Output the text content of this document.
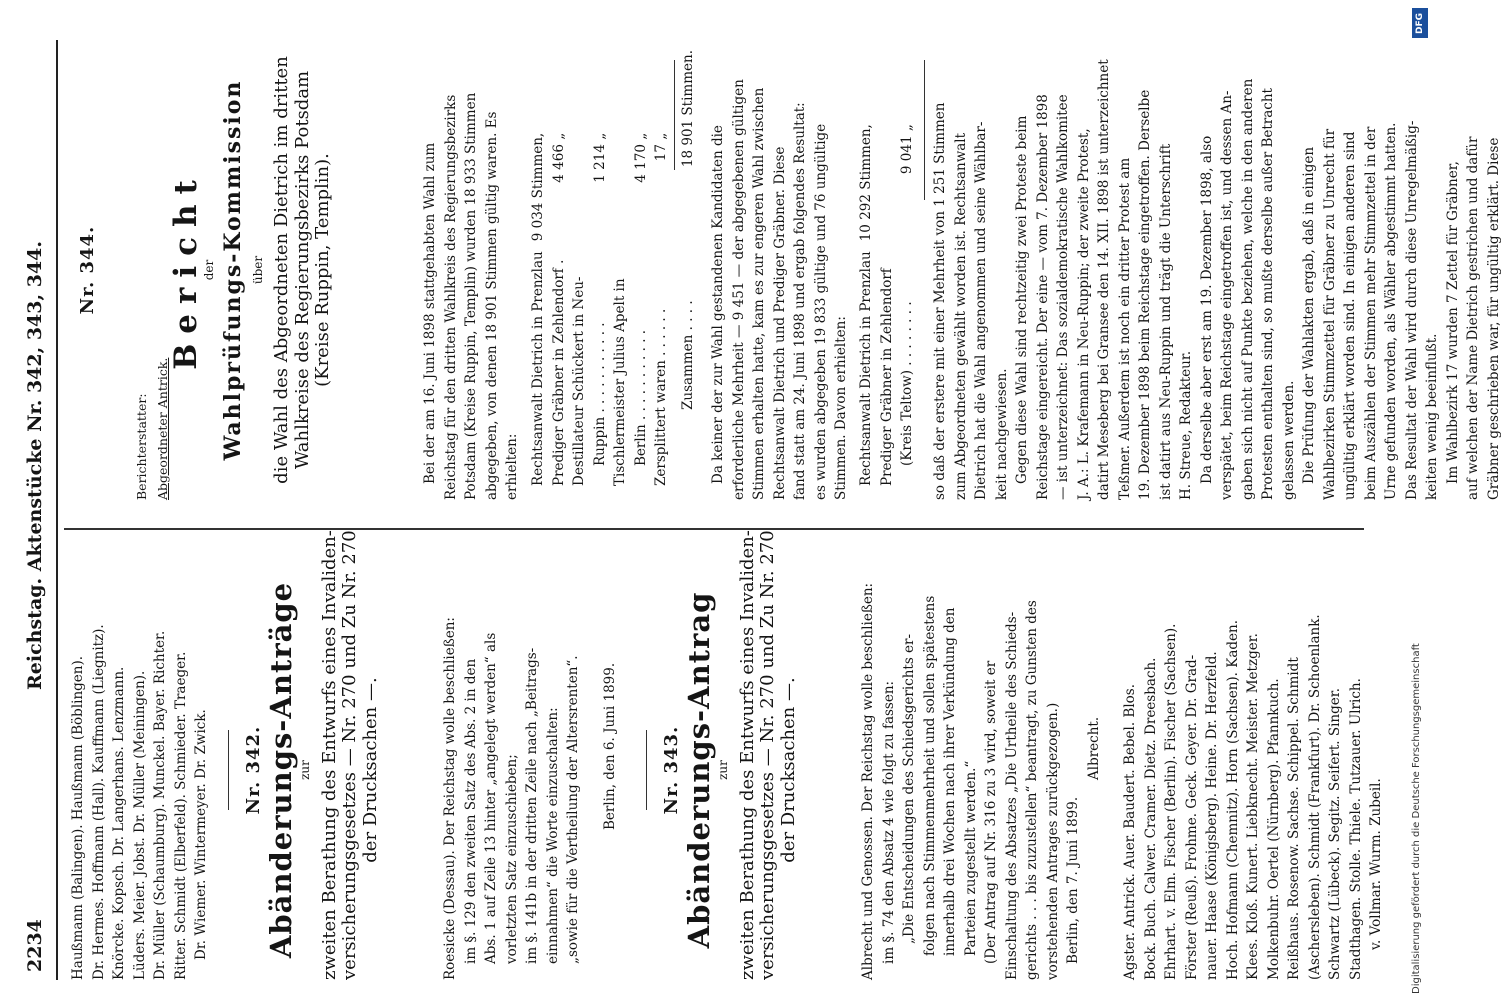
2234
Reichstag. Aktenstücke Nr. 342, 343, 344.

Haußmann (Balingen). Haußmann (Böblingen). Dr. Hermes. Hoffmann (Hall). Kauffmann (Liegnitz). Knörcke. Kopsch. Dr. Langerhans. Lenzmann. Lüders. Meier. Jobst. Dr. Müller (Meiningen). Dr. Müller (Schaumburg). Munckel. Bayer. Richter. Ritter. Schmidt (Elberfeld). Schmieder. Traeger. Dr. Wiemer. Wintermeyer. Dr. Zwick. Nr. 342. Abänderungs-Anträge zur zweiten Berathung des Entwurfs eines Invaliden- versicherungsgesetzes — Nr. 270 und Zu Nr. 270 der Drucksachen —.	Roesicke (Dessau). Der Reichstag wolle beschließen: im §. 129 den zweiten Satz des Abs. 2 in den Abs. 1 auf Zeile 13 hinter „angelegt werden“ als vorletzten Satz einzuschieben; im §. 141b in der dritten Zeile nach „Beitrags- einnahmen“ die Worte einzuschalten: „sowie für die Vertheilung der Altersrenten“. Berlin, den 6. Juni 1899. Nr. 343. Abänderungs-Antrag zur zweiten Berathung des Entwurfs eines Invaliden- versicherungsgesetzes — Nr. 270 und Zu Nr. 270 der Drucksachen —.	Albrecht und Genossen. Der Reichstag wolle beschließen: im §. 74 den Absatz 4 wie folgt zu fassen: „Die Entscheidungen des Schiedsgerichts er- folgen nach Stimmenmehrheit und sollen spätestens innerhalb drei Wochen nach ihrer Verkündung den Parteien zugestellt werden.“ (Der Antrag auf Nr. 316 zu 3 wird, soweit er Einschaltung des Absatzes „Die Urtheile des Schieds- gerichts . . . bis zuzustellen“ beantragt, zu Gunsten des vorstehenden Antrages zurückgezogen.) Berlin, den 7. Juni 1899.

Albrecht. Agster. Antrick. Auer. Baudert. Bebel. Blos. Bock. Buch. Calwer. Cramer. Dietz. Dreesbach. Ehrhart. v. Elm. Fischer (Berlin). Fischer (Sachsen). Förster (Reuß). Frohme. Geck. Geyer. Dr. Grad- nauer. Haase (Königsberg). Heine. Dr. Herzfeld. Hoch. Hofmann (Chemnitz). Horn (Sachsen). Kaden. Klees. Kloß. Kunert. Liebknecht. Meister. Metzger. Molkenbuhr. Oertel (Nürnberg). Pfannkuch. Reißhaus. Rosenow. Sachse. Schippel. Schmidt (Aschersleben). Schmidt (Frankfurt). Dr. Schoenlank. Schwartz (Lübeck). Segitz. Seifert. Singer. Stadthagen. Stolle. Thiele. Tutzauer. Ulrich. v. Vollmar. Wurm. Zubeil.

Nr. 344.

Berichterstatter: Abgeordneter Antrick.

Bericht

der Wahlprüfungs-Kommission über die Wahl des Abgeordneten Dietrich im dritten Wahlkreise des Regierungsbezirks Potsdam (Kreise Ruppin, Templin).	Bei der am 16. Juni 1898 stattgehabten Wahl zum Reichstag für den dritten Wahlkreis des Regierungsbezirks Potsdam (Kreise Ruppin, Templin) wurden 18 933 Stimmen abgegeben, von denen 18 901 Stimmen gültig waren. Es erhielten: Rechtsanwalt Dietrich in Prenzlau	9 034 Stimmen,
Prediger Gräbner in Zehlendorf .	4 466 „
Destillateur Schückert in Neu-	
Ruppin . . . . . . . . . . .	1 214 „
Tischlermeister Julius Apelt in	
Berlin . . . . . . . . . . .	4 170 „
Zersplittert waren . . . . . .	17 „
Zusammen . . . .
18 901 Stimmen.

Da keiner der zur Wahl gestandenen Kandidaten die erforderliche Mehrheit — 9 451 — der abgegebenen gültigen Stimmen erhalten hatte, kam es zur engeren Wahl zwischen Rechtsanwalt Dietrich und Prediger Gräbner. Diese fand statt am 24. Juni 1898 und ergab folgendes Resultat: es wurden abgegeben 19 833 gültige und 76 ungültige Stimmen. Davon erhielten: Rechtsanwalt Dietrich in Prenzlau	10 292 Stimmen,
Prediger Gräbner in Zehlendorf	
(Kreis Teltow) . . . . . . . .	9 041 „ so daß der erstere mit einer Mehrheit von 1 251 Stimmen zum Abgeordneten gewählt worden ist. Rechtsanwalt Dietrich hat die Wahl angenommen und seine Wählbar- keit nachgewiesen. Gegen diese Wahl sind rechtzeitig zwei Proteste beim Reichstage eingereicht. Der eine — vom 7. Dezember 1898 — ist unterzeichnet: Das sozialdemokratische Wahlkomitee J. A.: L. Krafemann in Neu-Ruppin; der zweite Protest, datirt Meseberg bei Gransee den 14. XII. 1898 ist unterzeichnet Teßmer. Außerdem ist noch ein dritter Protest am 19. Dezember 1898 beim Reichstage eingetroffen. Derselbe ist datirt aus Neu-Ruppin und trägt die Unterschrift H. Streue, Redakteur. Da derselbe aber erst am 19. Dezember 1898, also verspätet, beim Reichstage eingetroffen ist, und dessen An- gaben sich nicht auf Punkte beziehen, welche in den anderen Protesten enthalten sind, so mußte derselbe außer Betracht gelassen werden. Die Prüfung der Wahlakten ergab, daß in einigen Wahlbezirken Stimmzettel für Gräbner zu Unrecht für ungültig erklärt worden sind. In einigen anderen sind beim Auszählen der Stimmen mehr Stimmzettel in der Urne gefunden worden, als Wähler abgestimmt hatten. Das Resultat der Wahl wird durch diese Unregelmäßig- keiten wenig beeinflußt. Im Wahlbezirk 17 wurden 7 Zettel für Gräbner, auf welchen der Name Dietrich gestrichen und dafür Gräbner geschrieben war, für ungültig erklärt. Diese

DFG
Digitalisierung gefördert durch die Deutsche Forschungsgemeinschaft
